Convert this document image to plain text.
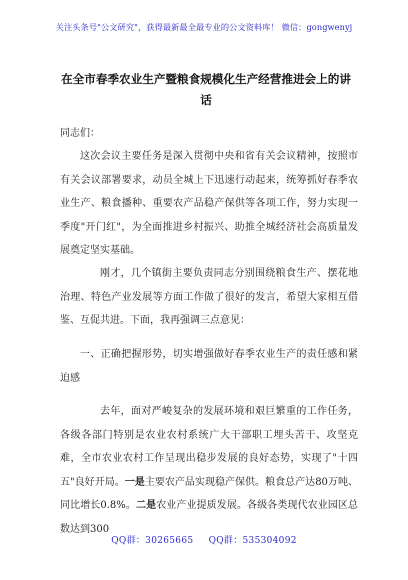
关注头条号"公文研究"，获得最新最全最专业的公文资料库！ 微信：gongwenyj
在全市春季农业生产暨粮食规模化生产经营推进会上的讲话
同志们：
这次会议主要任务是深入贯彻中央和省有关会议精神，按照市有关会议部署要求，动员全城上下迅速行动起来，统筹抓好春季农业生产、粮食播种、重要农产品稳产保供等各项工作，努力实现一季度"开门红"，为全面推进乡村振兴、助推全城经济社会高质量发展奠定坚实基础。
刚才，几个镇街主要负责同志分别围绕粮食生产、摆花地治理、特色产业发展等方面工作做了很好的发言，希望大家相互借鉴、互促共进。下面，我再强调三点意见：
一、正确把握形势，切实增强做好春季农业生产的责任感和紧迫感
去年，面对严峻复杂的发展环境和艰巨繁重的工作任务，各级各部门特别是农业农村系统广大干部职工埋头苦干、攻坚克难，全市农业农村工作呈现出稳步发展的良好态势，实现了"十四五"良好开局。一是主要农产品实现稳产保供。粮食总产达80万吨、同比增长0.8%。二是农业产业提质发展。各级各类现代农业园区总数达到300
QQ群：30265665 QQ群：535304092
